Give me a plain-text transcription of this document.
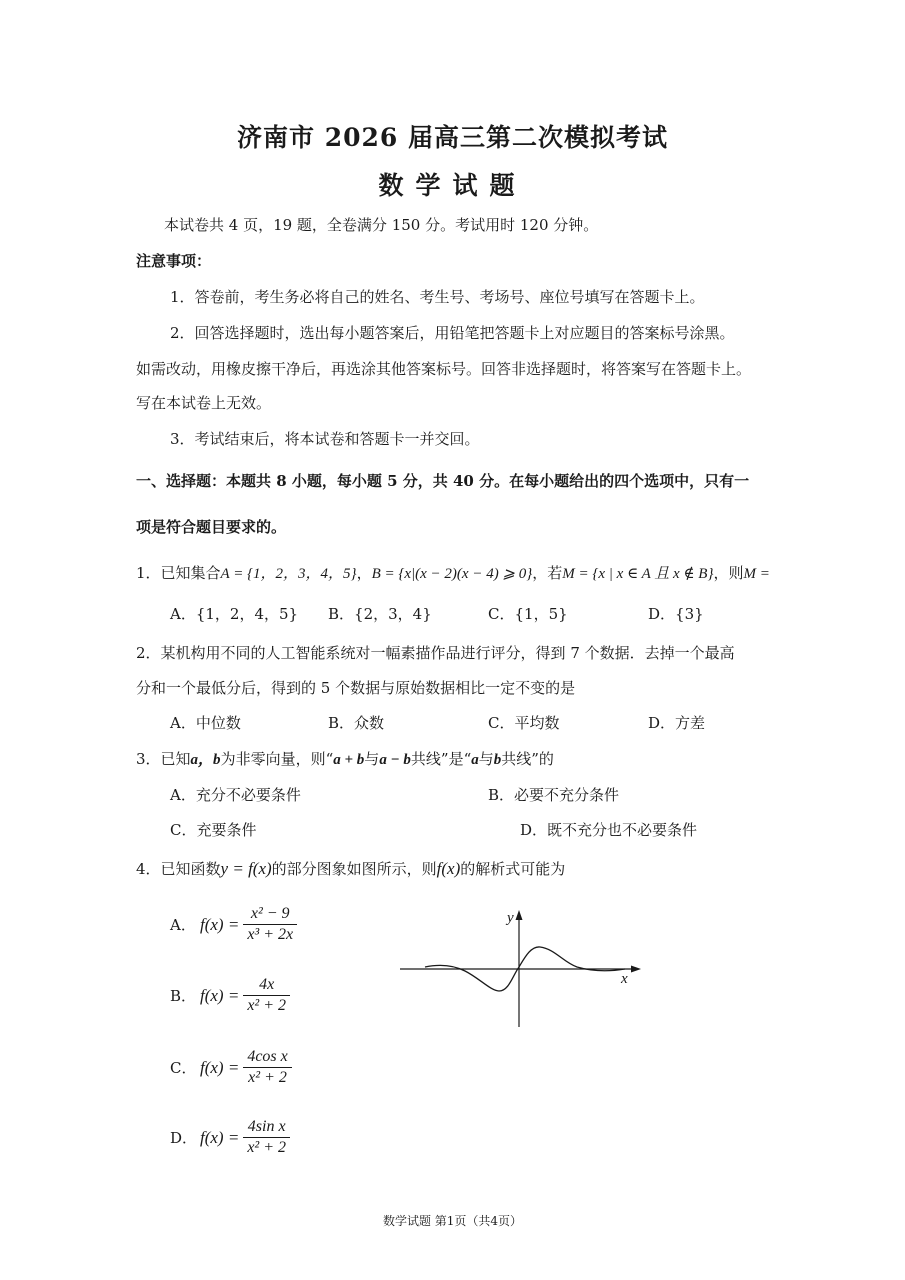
济南市 2026 届高三第二次模拟考试
数学试题
本试卷共 4 页，19 题，全卷满分 150 分。考试用时 120 分钟。
注意事项：
1．答卷前，考生务必将自己的姓名、考生号、考场号、座位号填写在答题卡上。
2．回答选择题时，选出每小题答案后，用铅笔把答题卡上对应题目的答案标号涂黑。
如需改动，用橡皮擦干净后，再选涂其他答案标号。回答非选择题时，将答案写在答题卡上。
写在本试卷上无效。
3．考试结束后，将本试卷和答题卡一并交回。
一、选择题：本题共 8 小题，每小题 5 分，共 40 分。在每小题给出的四个选项中，只有一
项是符合题目要求的。
1．已知集合A = {1，2，3，4，5}，B = {x|(x − 2)(x − 4) ⩾ 0}，若M = {x | x ∈ A 且 x ∉ B}，则M =
A．{1，2，4，5} B．{2，3，4}	C．{1，5}	D．{3}
2．某机构用不同的人工智能系统对一幅素描作品进行评分，得到 7 个数据．去掉一个最高
分和一个最低分后，得到的 5 个数据与原始数据相比一定不变的是
A．中位数	B．众数	C．平均数	D．方差
3．已知a，b为非零向量，则“a + b与a − b共线”是“a与b共线”的
A．充分不必要条件	B．必要不充分条件
C．充要条件	D．既不充分也不必要条件
4．已知函数y = f(x)的部分图象如图所示，则f(x)的解析式可能为
A． $f(x) = \frac{\text{x² − 9}}{\text{x³ + 2x}}$
B． $f(x) = \frac{4x}{\text{x² + 2}}$
C． $f(x) = \frac{\text{4cos x}}{\text{x² + 2}}$
D． $f(x) = \frac{\text{4sin x}}{\text{x² + 2}}$
y
x
数学试题 第1页（共4页）
